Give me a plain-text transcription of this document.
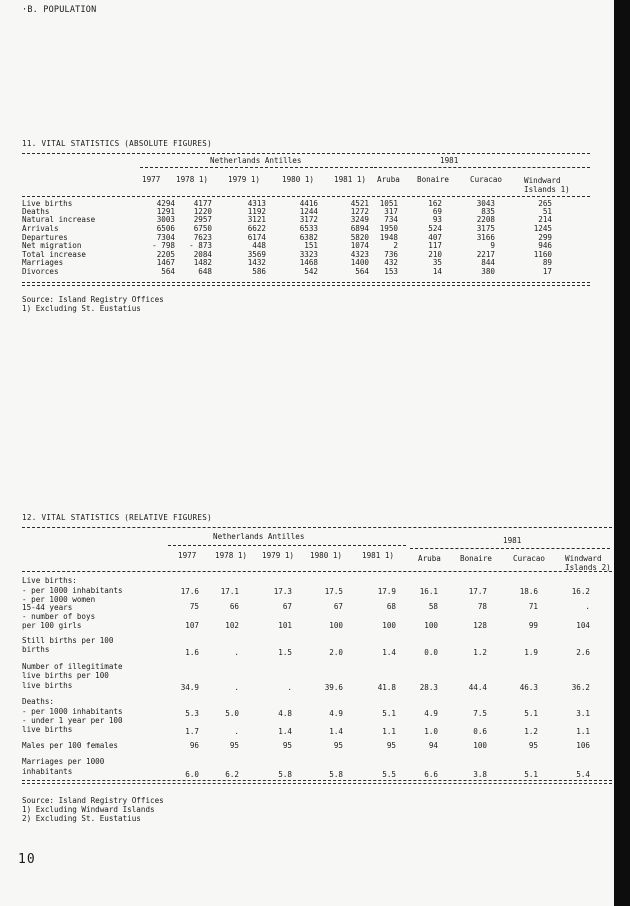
·B. POPULATION
11. VITAL STATISTICS (ABSOLUTE FIGURES)
Netherlands Antilles	1981
1977 1978 1)	1979 1)	1980 1)	1981 1) Aruba Bonaire	Curacao	Windward
Islands 1)
Live births	4294	4177	4313	4416	4521	1051	162	3043	265
Deaths	1291	1220	1192	1244	1272	317	69	835	51
Natural increase	3003	2957	3121	3172	3249	734	93	2208	214
Arrivals	6506	6750	6622	6533	6894	1950	524	3175	1245
Departures	7304	7623	6174	6382	5820	1948	407	3166	299
Net migration	- 798	- 873	448	151	1074	2	117	9	946
Total increase	2205	2084	3569	3323	4323	736	210	2217	1160
Marriages	1467	1482	1432	1468	1400	432	35	844	89
Divorces	564	648	586	542	564	153	14	380	17
Source: Island Registry Offices
1) Excluding St. Eustatius
12. VITAL STATISTICS (RELATIVE FIGURES)
Netherlands Antilles	1981
1977 1978 1) 1979 1) 1980 1)	1981 1)	Aruba	Bonaire	Curacao	Windward
Islands 2)
Live births:
- per 1000 inhabitants	17.6	17.1	17.3	17.5	17.9	16.1	17.7	18.6	16.2
- per 1000 women
15-44 years	75	66	67	67	68	58	78	71	.
- number of boys
per 100 girls	107	102	101	100	100	100	128	99	104
Still births per 100
births	1.6	.	1.5	2.0	1.4	0.0	1.2	1.9	2.6
Number of illegitimate
live births per 100
live births	34.9	.	.	39.6	41.8	28.3	44.4	46.3	36.2
Deaths:
- per 1000 inhabitants	5.3	5.0	4.8	4.9	5.1	4.9	7.5	5.1	3.1
- under 1 year per 100
live births	1.7	.	1.4	1.4	1.1	1.0	0.6	1.2	1.1
Males per 100 females	96	95	95	95	95	94	100	95	106
Marriages per 1000
inhabitants	6.0	6.2	5.8	5.8	5.5	6.6	3.8	5.1	5.4
Source: Island Registry Offices
1) Excluding Windward Islands
2) Excluding St. Eustatius
10
